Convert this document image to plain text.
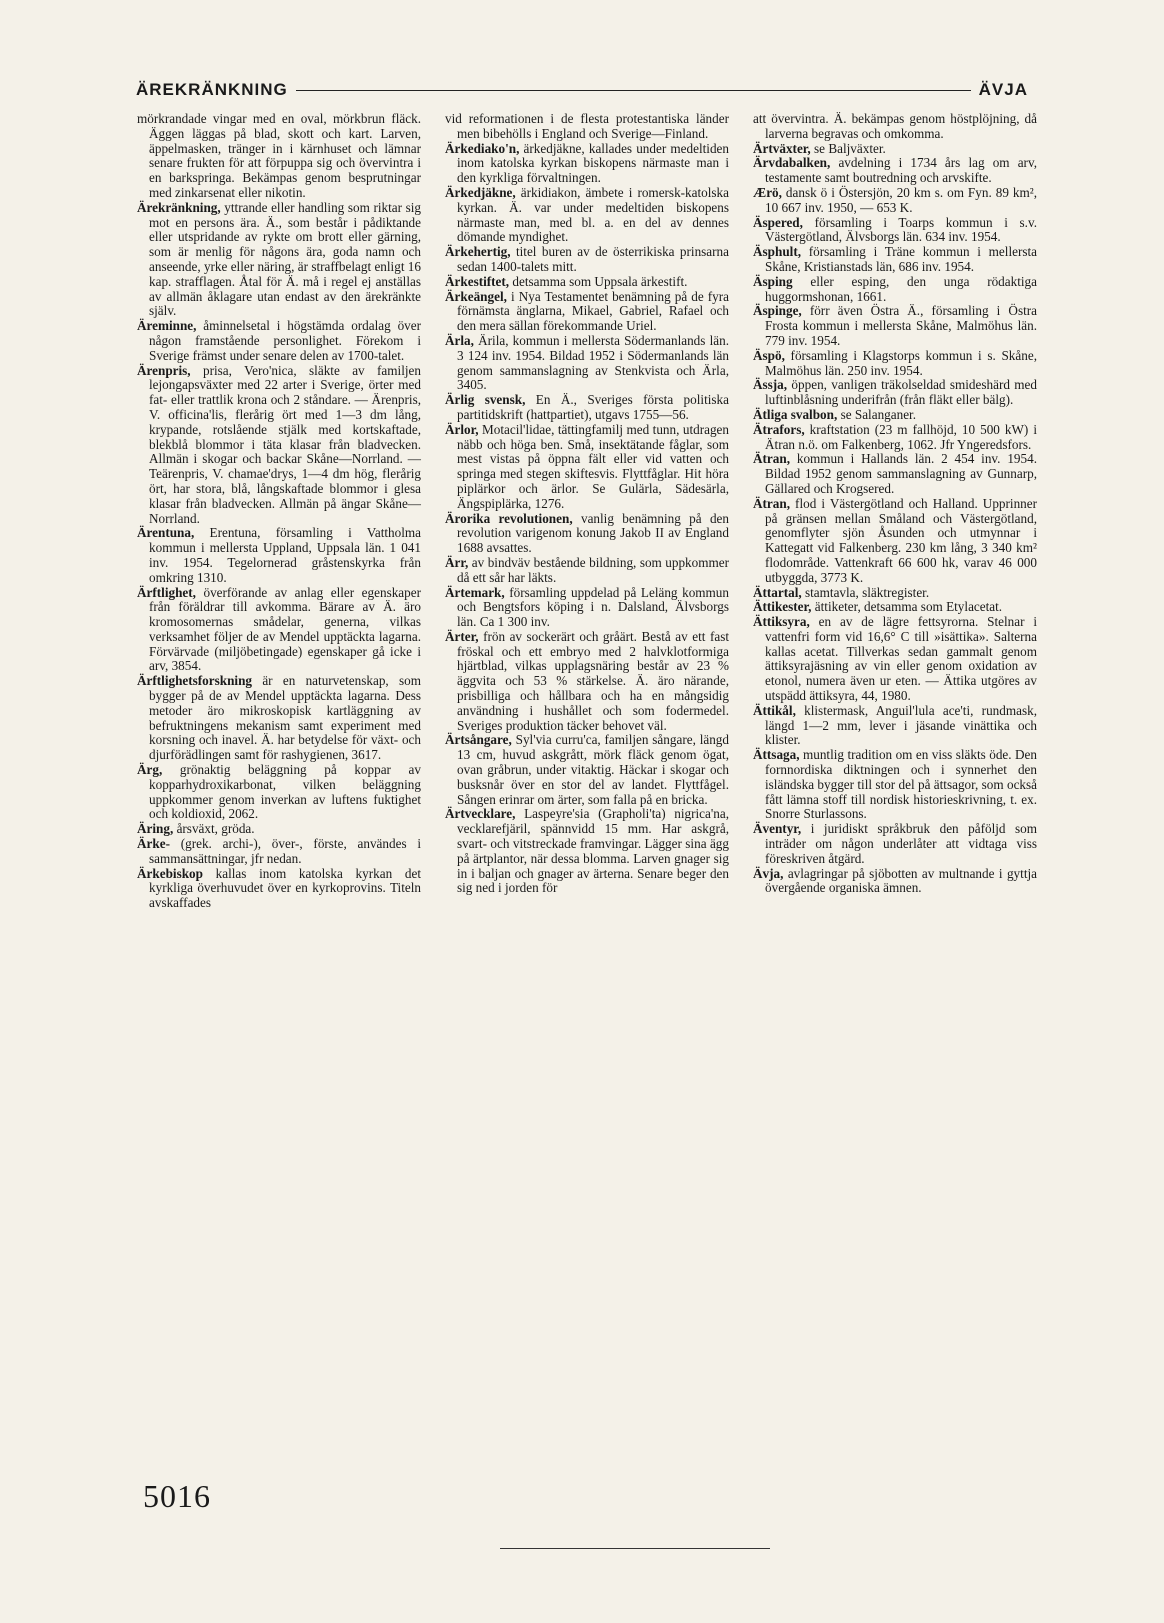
ÄREKRÄNKNING	ÄVJA

mörkrandade vingar med en oval, mörkbrun fläck. Äggen läggas på blad, skott och kart. Larven, äppelmasken, tränger in i kärnhuset och lämnar senare frukten för att förpuppa sig och övervintra i en barkspringa. Bekämpas genom besprutningar med zinkarsenat eller nikotin.

Ärekränkning, yttrande eller handling som riktar sig mot en persons ära. Ä., som består i pådiktande eller utspridande av rykte om brott eller gärning, som är menlig för någons ära, goda namn och anseende, yrke eller näring, är straffbelagt enligt 16 kap. strafflagen. Åtal för Ä. må i regel ej anställas av allmän åklagare utan endast av den ärekränkte själv.

Äreminne, åminnelsetal i högstämda ordalag över någon framstående personlighet. Förekom i Sverige främst under senare delen av 1700-talet.

Ärenpris, prisa, Vero'nica, släkte av familjen lejongapsväxter med 22 arter i Sverige, örter med fat- eller trattlik krona och 2 ståndare. — Ärenpris, V. officina'lis, flerårig ört med 1—3 dm lång, krypande, rotslående stjälk med kortskaftade, blekblå blommor i täta klasar från bladvecken. Allmän i skogar och backar Skåne—Norrland. — Teärenpris, V. chamae'drys, 1—4 dm hög, flerårig ört, har stora, blå, långskaftade blommor i glesa klasar från bladvecken. Allmän på ängar Skåne—Norrland.

Ärentuna, Erentuna, församling i Vattholma kommun i mellersta Uppland, Uppsala län. 1 041 inv. 1954. Tegelornerad gråstenskyrka från omkring 1310.

Ärftlighet, överförande av anlag eller egenskaper från föräldrar till avkomma. Bärare av Ä. äro kromosomernas smådelar, generna, vilkas verksamhet följer de av Mendel upptäckta lagarna. Förvärvade (miljöbetingade) egenskaper gå icke i arv, 3854.

Ärftlighetsforskning är en naturvetenskap, som bygger på de av Mendel upptäckta lagarna. Dess metoder äro mikroskopisk kartläggning av befruktningens mekanism samt experiment med korsning och inavel. Ä. har betydelse för växt- och djurförädlingen samt för rashygienen, 3617.

Ärg, grönaktig beläggning på koppar av kopparhydroxikarbonat, vilken beläggning uppkommer genom inverkan av luftens fuktighet och koldioxid, 2062.

Äring, årsväxt, gröda.

Ärke- (grek. archi-), över-, förste, användes i sammansättningar, jfr nedan.

Ärkebiskop kallas inom katolska kyrkan det kyrkliga överhuvudet över en kyrkoprovins. Titeln avskaffades

vid reformationen i de flesta protestantiska länder men bibehölls i England och Sverige—Finland.

Ärkediako'n, ärkedjäkne, kallades under medeltiden inom katolska kyrkan biskopens närmaste man i den kyrkliga förvaltningen.

Ärkedjäkne, ärkidiakon, ämbete i romersk-katolska kyrkan. Ä. var under medeltiden biskopens närmaste man, med bl. a. en del av dennes dömande myndighet.

Ärkehertig, titel buren av de österrikiska prinsarna sedan 1400-talets mitt.

Ärkestiftet, detsamma som Uppsala ärkestift.

Ärkeängel, i Nya Testamentet benämning på de fyra förnämsta änglarna, Mikael, Gabriel, Rafael och den mera sällan förekommande Uriel.

Ärla, Ärila, kommun i mellersta Södermanlands län. 3 124 inv. 1954. Bildad 1952 i Södermanlands län genom sammanslagning av Stenkvista och Ärla, 3405.

Ärlig svensk, En Ä., Sveriges första politiska partitidskrift (hattpartiet), utgavs 1755—56.

Ärlor, Motacil'lidae, tättingfamilj med tunn, utdragen näbb och höga ben. Små, insektätande fåglar, som mest vistas på öppna fält eller vid vatten och springa med stegen skiftesvis. Flyttfåglar. Hit höra piplärkor och ärlor. Se Gulärla, Sädesärla, Ängspiplärka, 1276.

Ärorika revolutionen, vanlig benämning på den revolution varigenom konung Jakob II av England 1688 avsattes.

Ärr, av bindväv bestående bildning, som uppkommer då ett sår har läkts.

Ärtemark, församling uppdelad på Leläng kommun och Bengtsfors köping i n. Dalsland, Älvsborgs län. Ca 1 300 inv.

Ärter, frön av sockerärt och gråärt. Bestå av ett fast fröskal och ett embryo med 2 halvklotformiga hjärtblad, vilkas upplagsnäring består av 23 % äggvita och 53 % stärkelse. Ä. äro närande, prisbilliga och hållbara och ha en mångsidig användning i hushållet och som fodermedel. Sveriges produktion täcker behovet väl.

Ärtsångare, Syl'via curru'ca, familjen sångare, längd 13 cm, huvud askgrått, mörk fläck genom ögat, ovan gråbrun, under vitaktig. Häckar i skogar och busksnår över en stor del av landet. Flyttfågel. Sången erinrar om ärter, som falla på en bricka.

Ärtvecklare, Laspeyre'sia (Grapholi'ta) nigrica'na, vecklarefjäril, spännvidd 15 mm. Har askgrå, svart- och vitstreckade framvingar. Lägger sina ägg på ärtplantor, när dessa blomma. Larven gnager sig in i baljan och gnager av ärterna. Senare beger den sig ned i jorden för

att övervintra. Ä. bekämpas genom höstplöjning, då larverna begravas och omkomma.

Ärtväxter, se Baljväxter.

Ärvdabalken, avdelning i 1734 års lag om arv, testamente samt boutredning och arvskifte.

Ærö, dansk ö i Östersjön, 20 km s. om Fyn. 89 km², 10 667 inv. 1950, — 653 K.

Äspered, församling i Toarps kommun i s.v. Västergötland, Älvsborgs län. 634 inv. 1954.

Äsphult, församling i Träne kommun i mellersta Skåne, Kristianstads län, 686 inv. 1954.

Äsping eller esping, den unga rödaktiga huggormshonan, 1661.

Äspinge, förr även Östra Ä., församling i Östra Frosta kommun i mellersta Skåne, Malmöhus län. 779 inv. 1954.

Äspö, församling i Klagstorps kommun i s. Skåne, Malmöhus län. 250 inv. 1954.

Ässja, öppen, vanligen träkolseldad smideshärd med luftinblåsning underifrån (från fläkt eller bälg).

Ätliga svalbon, se Salanganer.

Ätrafors, kraftstation (23 m fallhöjd, 10 500 kW) i Ätran n.ö. om Falkenberg, 1062. Jfr Yngeredsfors.

Ätran, kommun i Hallands län. 2 454 inv. 1954. Bildad 1952 genom sammanslagning av Gunnarp, Gällared och Krogsered.

Ätran, flod i Västergötland och Halland. Upprinner på gränsen mellan Småland och Västergötland, genomflyter sjön Åsunden och utmynnar i Kattegatt vid Falkenberg. 230 km lång, 3 340 km² flodområde. Vattenkraft 66 600 hk, varav 46 000 utbyggda, 3773 K.

Ättartal, stamtavla, släktregister.

Ättikester, ättiketer, detsamma som Etylacetat.

Ättiksyra, en av de lägre fettsyrorna. Stelnar i vattenfri form vid 16,6° C till »isättika». Salterna kallas acetat. Tillverkas sedan gammalt genom ättiksyrajäsning av vin eller genom oxidation av etonol, numera även ur eten. — Ättika utgöres av utspädd ättiksyra, 44, 1980.

Ättikål, klistermask, Anguil'lula ace'ti, rundmask, längd 1—2 mm, lever i jäsande vinättika och klister.

Ättsaga, muntlig tradition om en viss släkts öde. Den fornnordiska diktningen och i synnerhet den isländska bygger till stor del på ättsagor, som också fått lämna stoff till nordisk historieskrivning, t. ex. Snorre Sturlassons.

Äventyr, i juridiskt språkbruk den påföljd som inträder om någon underlåter att vidtaga viss föreskriven åtgärd.

Ävja, avlagringar på sjöbotten av multnande i gyttja övergående organiska ämnen.

5016
